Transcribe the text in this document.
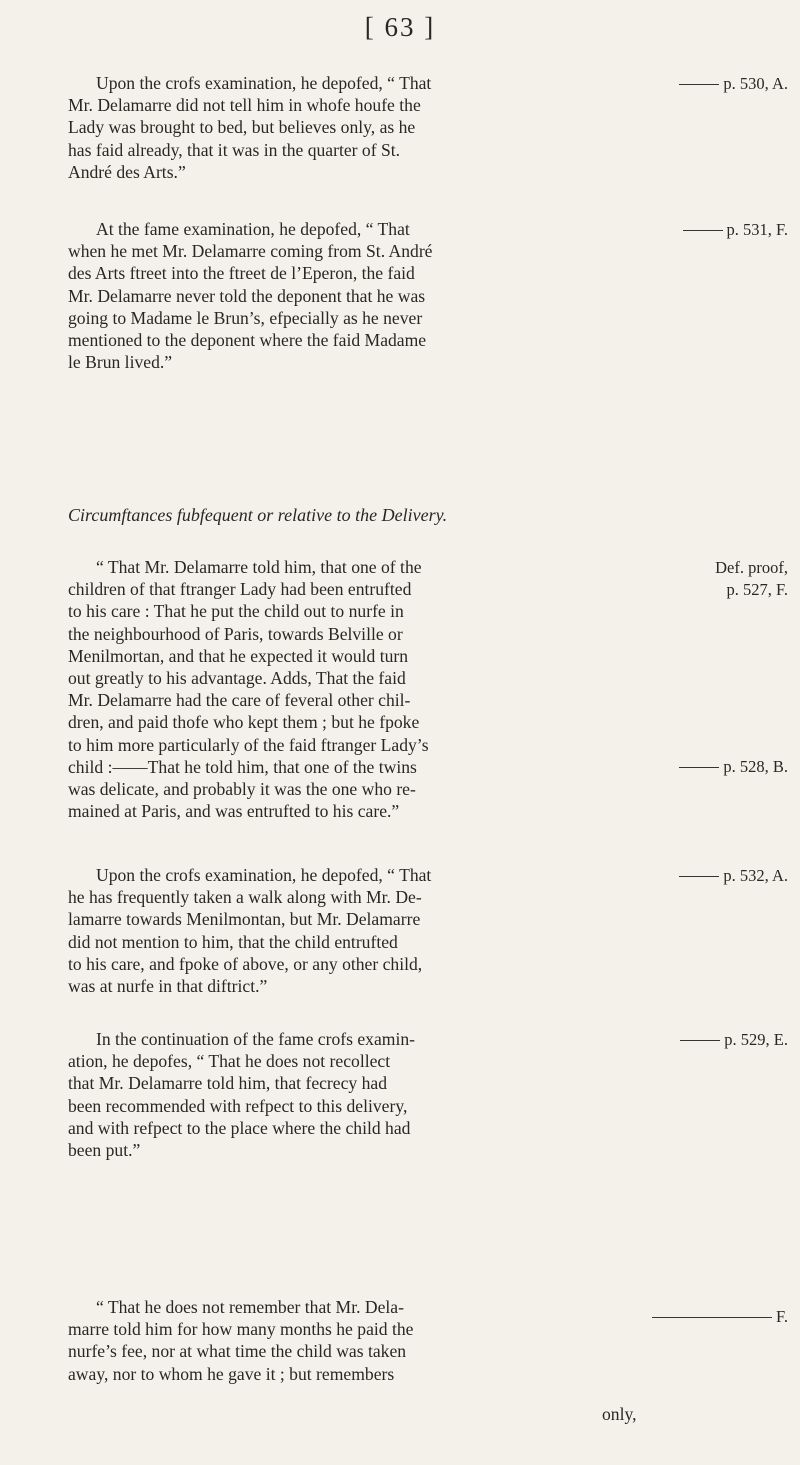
[ 63 ]
Upon the crofs examination, he depofed, “ That
Mr. Delamarre did not tell him in whofe houfe the
Lady was brought to bed, but believes only, as he
has faid already, that it was in the quarter of St.
André des Arts.”
p. 530, A.
At the fame examination, he depofed, “ That
when he met Mr. Delamarre coming from St. André
des Arts ftreet into the ftreet de l’Eperon, the faid
Mr. Delamarre never told the deponent that he was
going to Madame le Brun’s, efpecially as he never
mentioned to the deponent where the faid Madame
le Brun lived.”
p. 531, F.
Circumftances fubfequent or relative to the Delivery.
“ That Mr. Delamarre told him, that one of the
children of that ftranger Lady had been entrufted
to his care : That he put the child out to nurfe in
the neighbourhood of Paris, towards Belville or
Menilmortan, and that he expected it would turn
out greatly to his advantage. Adds, That the faid
Mr. Delamarre had the care of feveral other chil-
dren, and paid thofe who kept them ; but he fpoke
to him more particularly of the faid ftranger Lady’s
child :——That he told him, that one of the twins
was delicate, and probably it was the one who re-
mained at Paris, and was entrufted to his care.”
Def. proof,
p. 527, F.
p. 528, B.
Upon the crofs examination, he depofed, “ That
he has frequently taken a walk along with Mr. De-
lamarre towards Menilmontan, but Mr. Delamarre
did not mention to him, that the child entrufted
to his care, and fpoke of above, or any other child,
was at nurfe in that diftrict.”
p. 532, A.
In the continuation of the fame crofs examin-
ation, he depofes, “ That he does not recollect
that Mr. Delamarre told him, that fecrecy had
been recommended with refpect to this delivery,
and with refpect to the place where the child had
been put.”
p. 529, E.
“ That he does not remember that Mr. Dela-
marre told him for how many months he paid the
nurfe’s fee, nor at what time the child was taken
away, nor to whom he gave it ; but remembers
F.
only,
